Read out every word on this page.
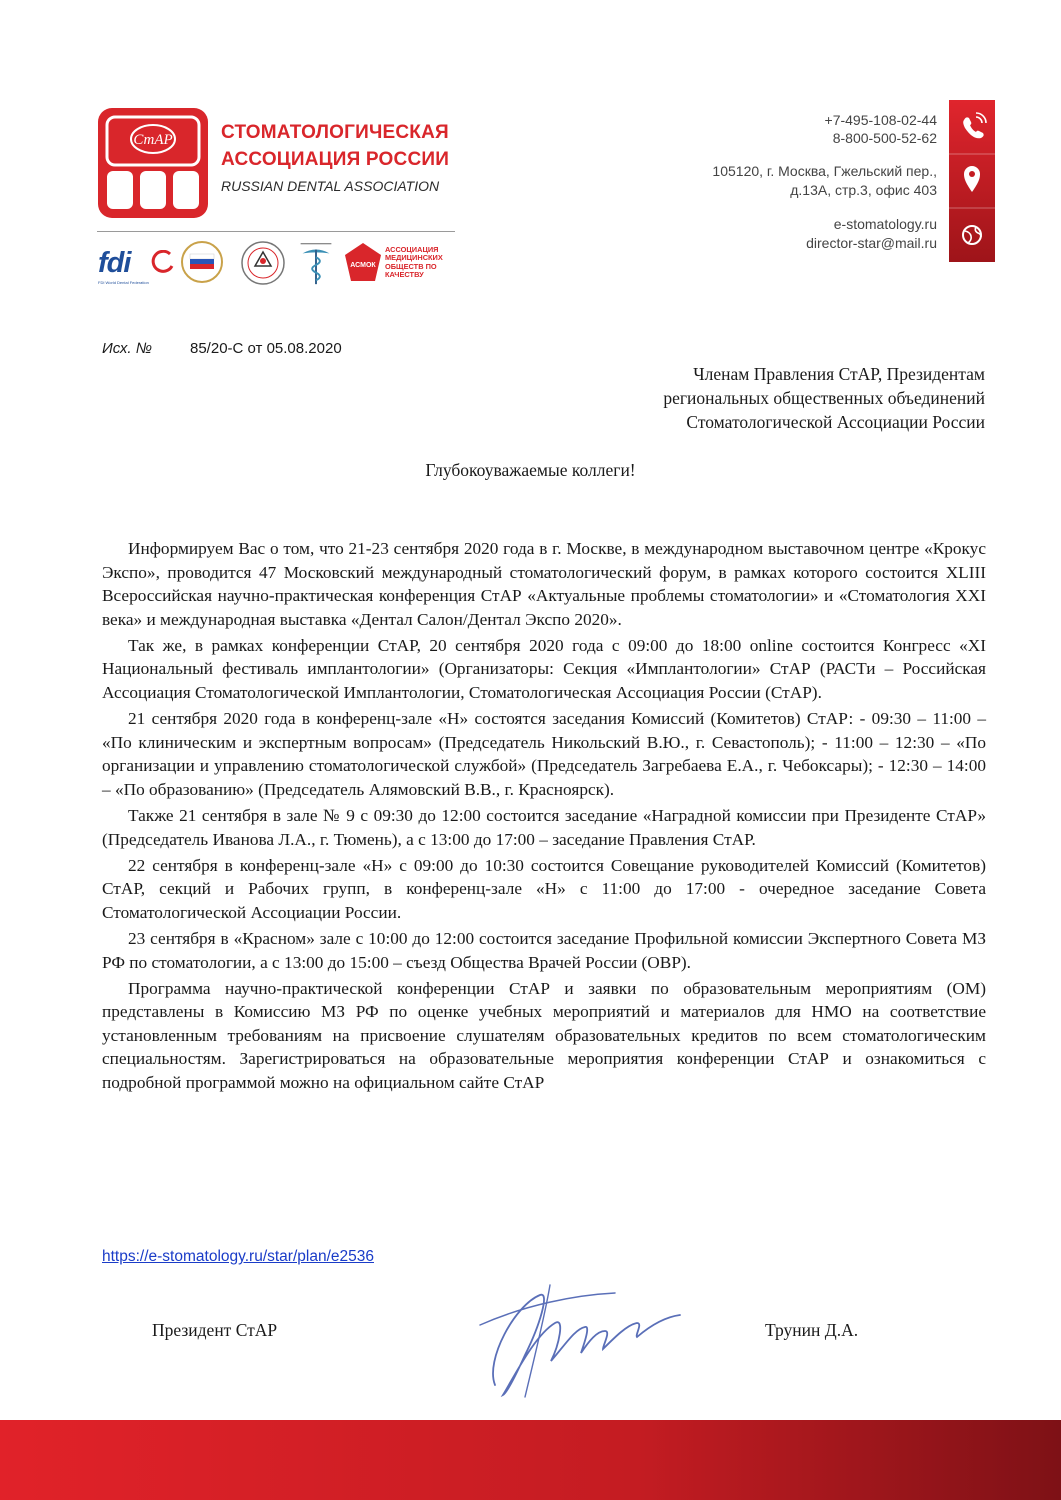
СтАР	СТОМАТОЛОГИЧЕСКАЯ
АССОЦИАЦИЯ РОССИИ
RUSSIAN DENTAL ASSOCIATION
fdi
FDI World Dental Federation
АСМОК
АССОЦИАЦИЯ МЕДИЦИНСКИХ ОБЩЕСТВ ПО КАЧЕСТВУ
+7-495-108-02-44
8-800-500-52-62
105120, г. Москва, Гжельский пер.,
д.13А, стр.3, офис 403
e-stomatology.ru
director-star@mail.ru
Исх. №	85/20-С от 05.08.2020
Членам Правления СтАР, Президентам
региональных общественных объединений
Стоматологической Ассоциации России
Глубокоуважаемые коллеги!

Информируем Вас о том, что 21-23 сентября 2020 года в г. Москве, в международном выставочном центре «Крокус Экспо», проводится 47 Московский международный стоматологический форум, в рамках которого состоится XLIII Всероссийская научно-практическая конференция СтАР «Актуальные проблемы стоматологии» и «Стоматология XXI века» и международная выставка «Дентал Салон/Дентал Экспо 2020».

Так же, в рамках конференции СтАР, 20 сентября 2020 года с 09:00 до 18:00 online состоится Конгресс «XI Национальный фестиваль имплантологии» (Организаторы: Секция «Имплантологии» СтАР (РАСТи – Российская Ассоциация Стоматологической Имплантологии, Стоматологическая Ассоциация России (СтАР).

21 сентября 2020 года в конференц-зале «Н» состоятся заседания Комиссий (Комитетов) СтАР: - 09:30 – 11:00 – «По клиническим и экспертным вопросам» (Председатель Никольский В.Ю., г. Севастополь); - 11:00 – 12:30 – «По организации и управлению стоматологической службой» (Председатель Загребаева Е.А., г. Чебоксары); - 12:30 – 14:00 – «По образованию» (Председатель Алямовский В.В., г. Красноярск).

Также 21 сентября в зале № 9 с 09:30 до 12:00 состоится заседание «Наградной комиссии при Президенте СтАР» (Председатель Иванова Л.А., г. Тюмень), а с 13:00 до 17:00 – заседание Правления СтАР.

22 сентября в конференц-зале «Н» с 09:00 до 10:30 состоится Совещание руководителей Комиссий (Комитетов) СтАР, секций и Рабочих групп, в конференц-зале «Н» с 11:00 до 17:00 - очередное заседание Совета Стоматологической Ассоциации России.

23 сентября в «Красном» зале с 10:00 до 12:00 состоится заседание Профильной комиссии Экспертного Совета МЗ РФ по стоматологии, а с 13:00 до 15:00 – съезд Общества Врачей России (ОВР).

Программа научно-практической конференции СтАР и заявки по образовательным мероприятиям (ОМ) представлены в Комиссию МЗ РФ по оценке учебных мероприятий и материалов для НМО на соответствие установленным требованиям на присвоение слушателям образовательных кредитов по всем стоматологическим специальностям. Зарегистрироваться на образовательные мероприятия конференции СтАР и ознакомиться с подробной программой можно на официальном сайте СтАР

https://e-stomatology.ru/star/plan/e2536
Президент СтАР	Трунин Д.А.
